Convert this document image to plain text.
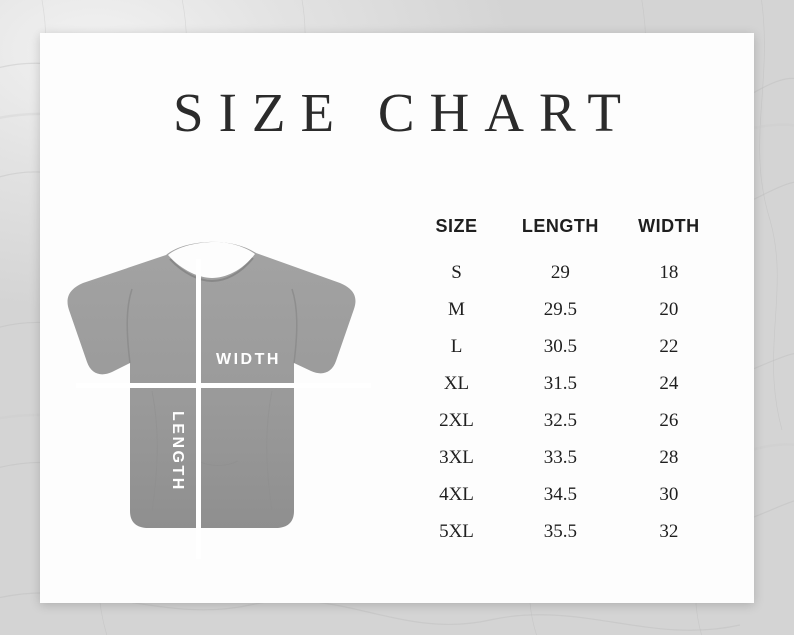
SIZE CHART
WIDTH
LENGTH
SIZE	LENGTH	WIDTH
S	29	18
M	29.5	20
L	30.5	22
XL	31.5	24
2XL	32.5	26
3XL	33.5	28
4XL	34.5	30
5XL	35.5	32
